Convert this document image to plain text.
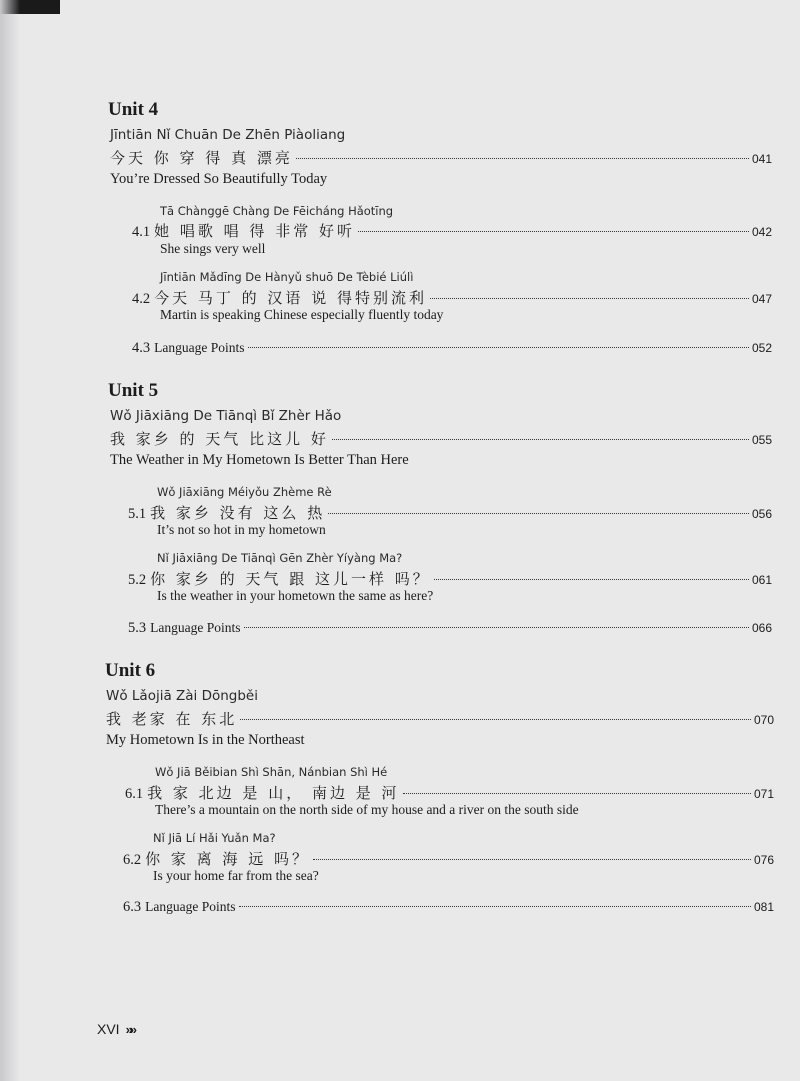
Unit 4
Jīntiān Nǐ Chuān De Zhēn Piàoliang
今天 你 穿 得 真 漂亮	041
You’re Dressed So Beautifully Today
Tā Chànggē Chàng De Fēicháng Hǎotīng
4.1 她 唱歌 唱 得 非常 好听	042
She sings very well
Jīntiān Mǎdīng De Hànyǔ shuō De Tèbié Liúlì
4.2 今天 马丁 的 汉语 说 得特别流利	047
Martin is speaking Chinese especially fluently today
4.3 Language Points	052
Unit 5
Wǒ Jiāxiāng De Tiānqì Bǐ Zhèr Hǎo
我 家乡 的 天气 比这儿 好	055
The Weather in My Hometown Is Better Than Here
Wǒ Jiāxiāng Méiyǒu Zhème Rè
5.1 我 家乡 没有 这么 热	056
It’s not so hot in my hometown
Nǐ Jiāxiāng De Tiānqì Gēn Zhèr Yíyàng Ma?
5.2 你 家乡 的 天气 跟 这儿一样 吗？	061
Is the weather in your hometown the same as here?
5.3 Language Points	066
Unit 6
Wǒ Lǎojiā Zài Dōngběi
我 老家 在 东北	070
My Hometown Is in the Northeast
Wǒ Jiā Běibian Shì Shān, Nánbian Shì Hé
6.1 我 家 北边 是 山， 南边 是 河	071
There’s a mountain on the north side of my house and a river on the south side
Nǐ Jiā Lí Hǎi Yuǎn Ma?
6.2 你 家 离 海 远 吗？	076
Is your home far from the sea?
6.3 Language Points	081
XVI »»
